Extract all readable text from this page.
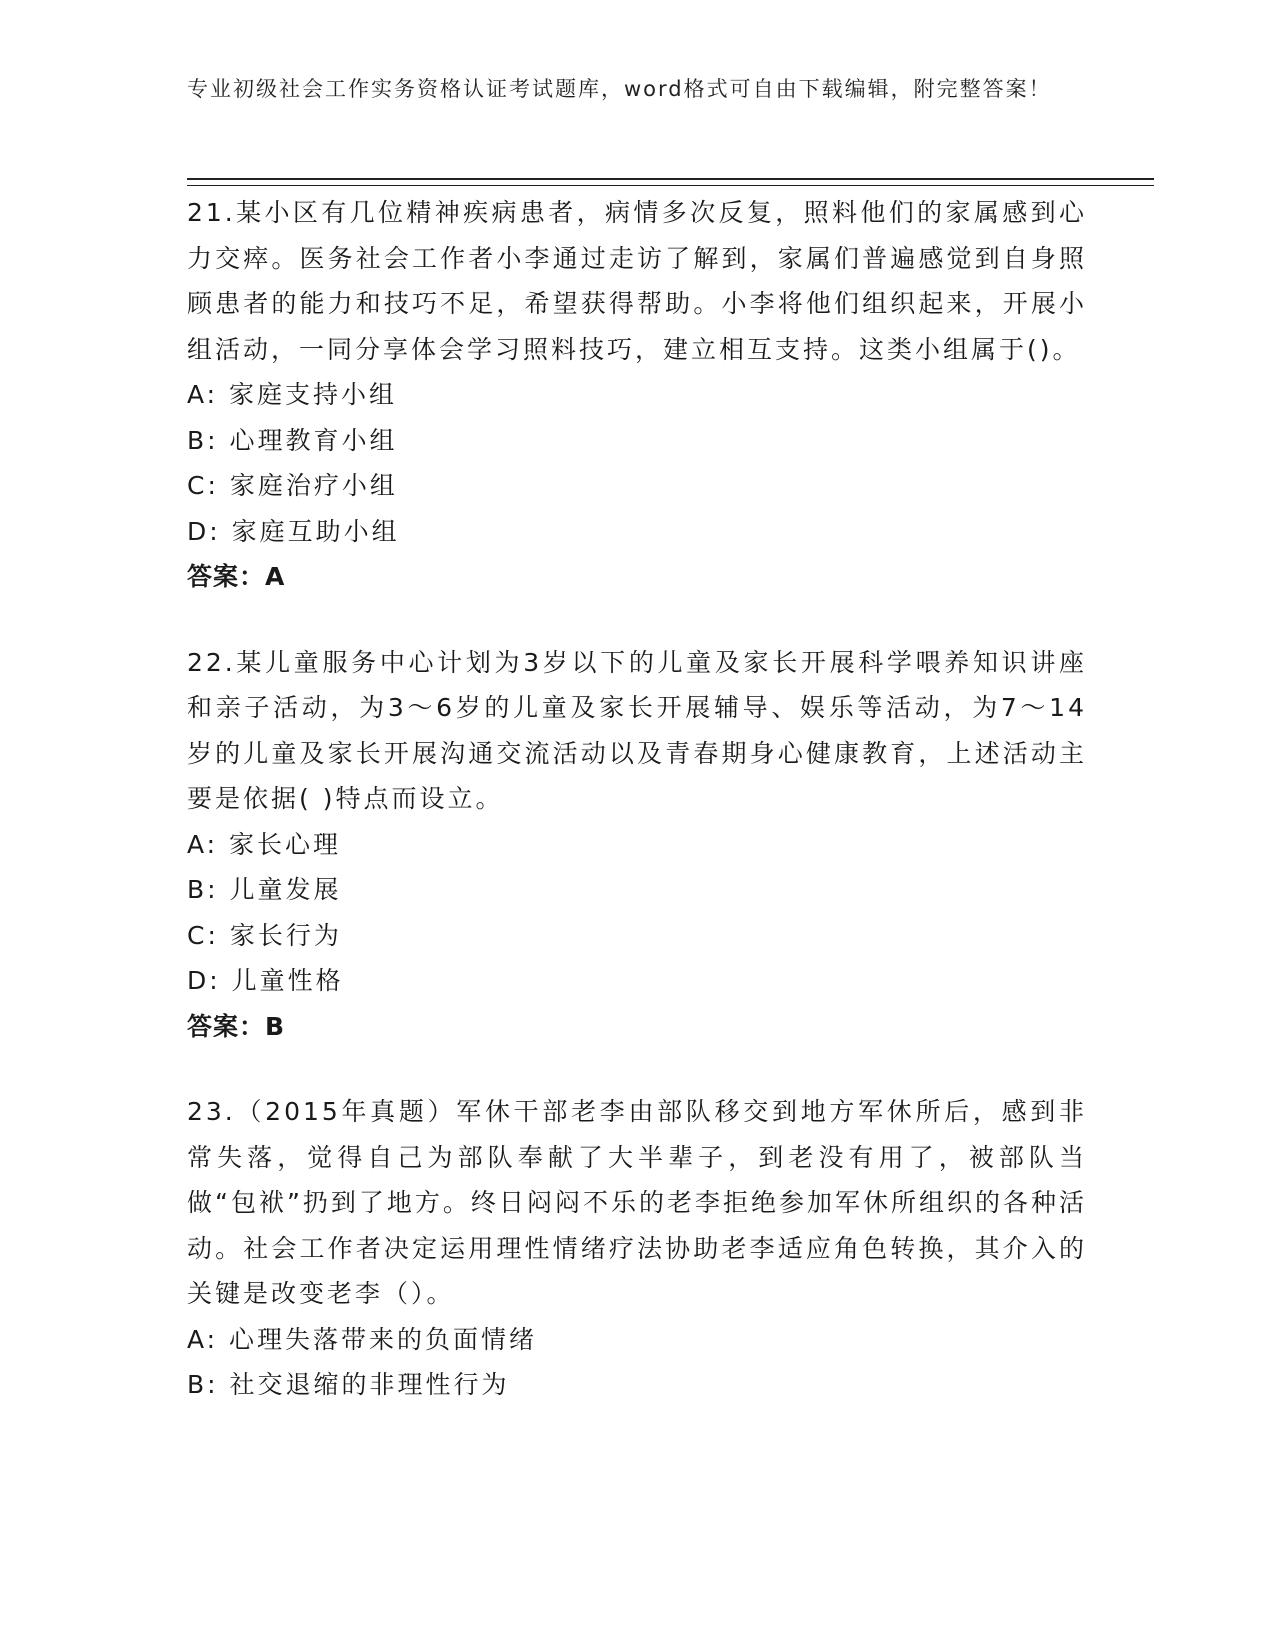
专业初级社会工作实务资格认证考试题库，word格式可自由下载编辑，附完整答案！

21.某小区有几位精神疾病患者，病情多次反复，照料他们的家属感到心力交瘁。医务社会工作者小李通过走访了解到，家属们普遍感觉到自身照顾患者的能力和技巧不足，希望获得帮助。小李将他们组织起来，开展小组活动，一同分享体会学习照料技巧，建立相互支持。这类小组属于()。

A: 家庭支持小组

B: 心理教育小组

C: 家庭治疗小组

D: 家庭互助小组

答案：A

22.某儿童服务中心计划为3岁以下的儿童及家长开展科学喂养知识讲座和亲子活动，为3～6岁的儿童及家长开展辅导、娱乐等活动，为7～14岁的儿童及家长开展沟通交流活动以及青春期身心健康教育，上述活动主要是依据( )特点而设立。

A: 家长心理

B: 儿童发展

C: 家长行为

D: 儿童性格

答案：B

23.（2015年真题）军休干部老李由部队移交到地方军休所后，感到非常失落，觉得自己为部队奉献了大半辈子，到老没有用了，被部队当做“包袱”扔到了地方。终日闷闷不乐的老李拒绝参加军休所组织的各种活动。社会工作者决定运用理性情绪疗法协助老李适应角色转换，其介入的关键是改变老李（）。

A: 心理失落带来的负面情绪

B: 社交退缩的非理性行为
